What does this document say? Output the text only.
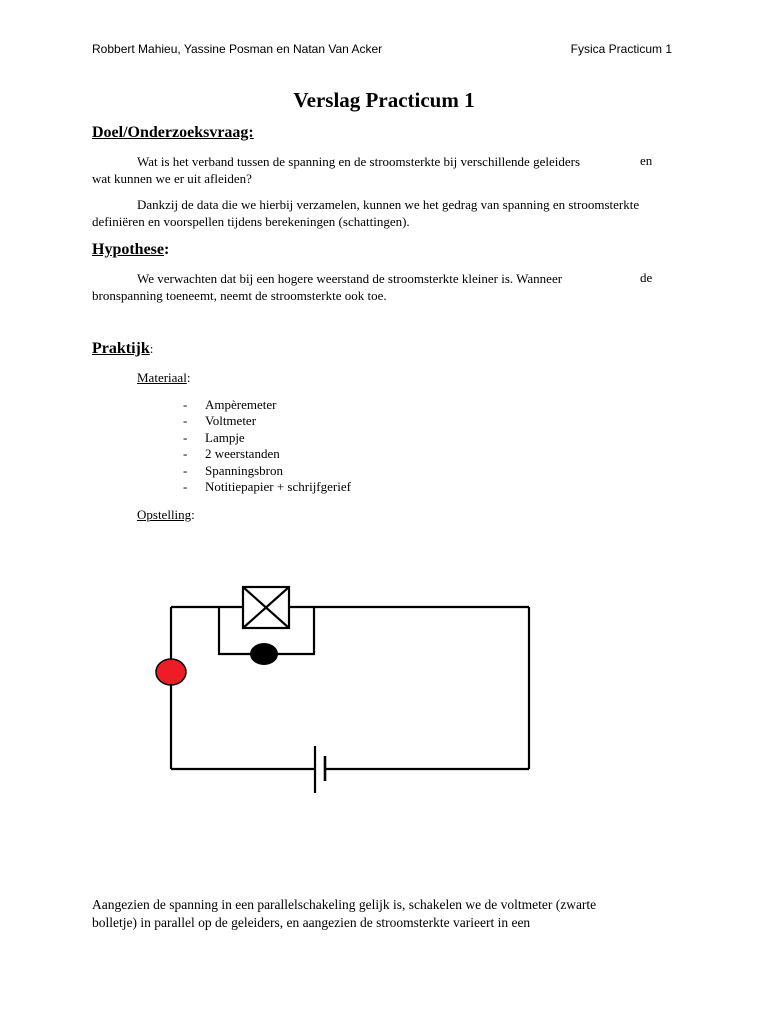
Robbert Mahieu, Yassine Posman en Natan Van Acker	Fysica Practicum 1
Verslag Practicum 1
Doel/Onderzoeksvraag:
Wat is het verband tussen de spanning en de stroomsterkte bij verschillende geleiders
wat kunnen we er uit afleiden?
en
Dankzij de data die we hierbij verzamelen, kunnen we het gedrag van spanning en stroomsterkte definiëren en voorspellen tijdens berekeningen (schattingen).
Hypothese:
We verwachten dat bij een hogere weerstand de stroomsterkte kleiner is. Wanneer
bronspanning toeneemt, neemt de stroomsterkte ook toe.
de
Praktijk:
Materiaal:
- Ampèremeter
- Voltmeter
- Lampje
- 2 weerstanden
- Spanningsbron
- Notitiepapier + schrijfgerief
Opstelling:
Aangezien de spanning in een parallelschakeling gelijk is, schakelen we de voltmeter (zwarte
bolletje) in parallel op de geleiders, en aangezien de stroomsterkte varieert in een
